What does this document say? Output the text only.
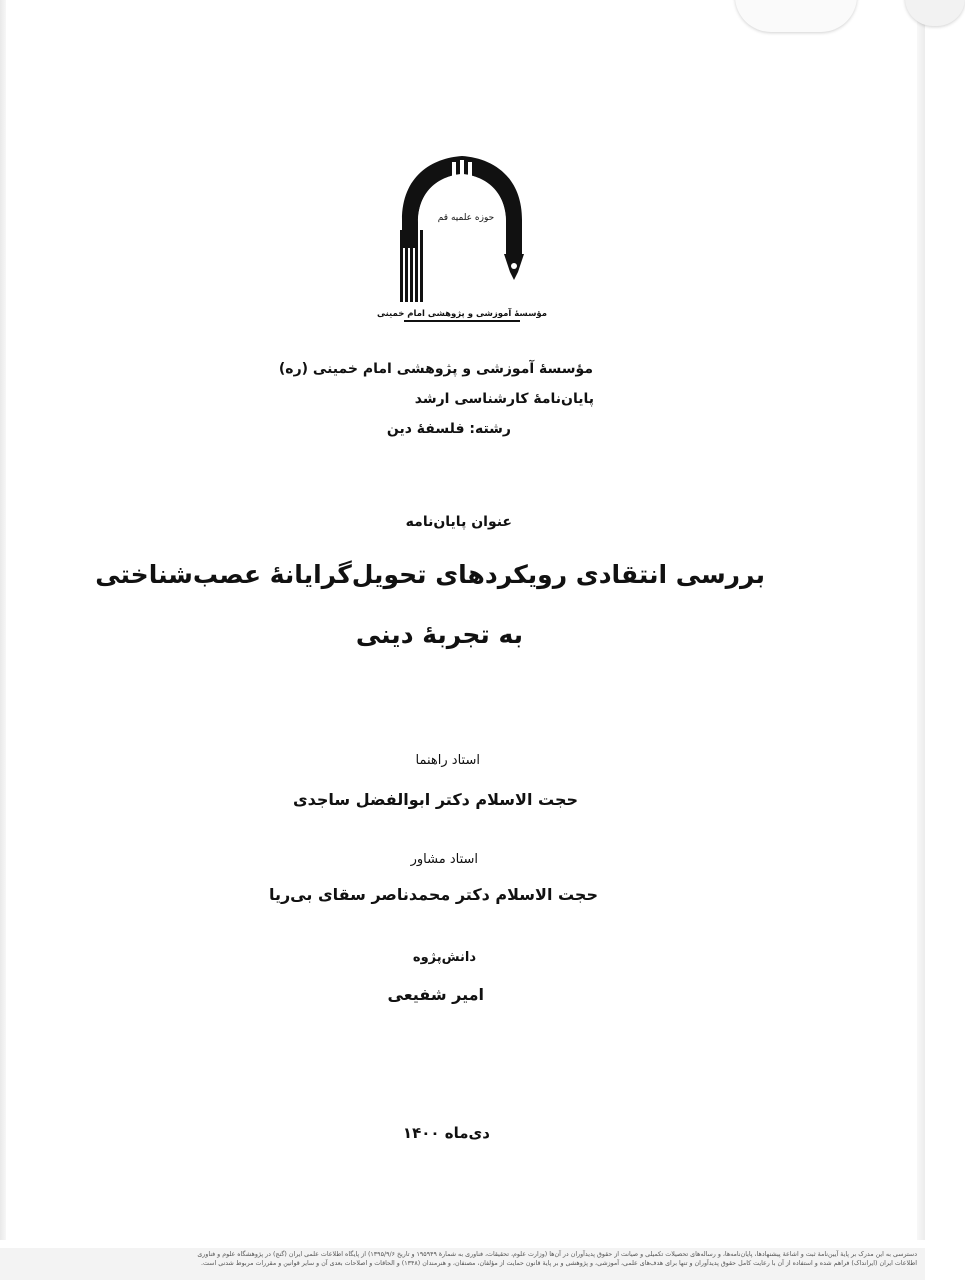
حوزه علمیه قم
مؤسسهٔ آموزشی و پژوهشی امام خمینی
مؤسسهٔ آموزشی و پژوهشی امام خمینی (ره)
پایان‌نامهٔ کارشناسی ارشد
رشته: فلسفهٔ دین
عنوان پایان‌نامه
بررسی انتقادی رویکردهای تحویل‌گرایانهٔ عصب‌شناختی
به تجربهٔ دینی
استاد راهنما
حجت الاسلام دکتر ابوالفضل ساجدی
استاد مشاور
حجت الاسلام دکتر محمدناصر سقای بی‌ریا
دانش‌پژوه
امیر شفیعی
دی‌ماه ۱۴۰۰
دسترسی به این مدرک بر پایهٔ آیین‌نامهٔ ثبت و اشاعهٔ پیشنهادها، پایان‌نامه‌ها، و رساله‌های تحصیلات تکمیلی و صیانت از حقوق پدیدآوران در آن‌ها (وزارت علوم، تحقیقات، فناوری به شمارهٔ ۱۹۵۹۴۹ و تاریخ ۱۳۹۵/۹/۶) از پایگاه اطلاعات علمی ایران (گنج) در پژوهشگاه علوم و فناوری
اطلاعات ایران (ایرانداک) فراهم شده و استفاده از آن با رعایت کامل حقوق پدیدآوران و تنها برای هدف‌های علمی، آموزشی، و پژوهشی و بر پایهٔ قانون حمایت از مؤلفان، مصنفان، و هنرمندان (۱۳۴۸) و الحاقات و اصلاحات بعدی آن و سایر قوانین و مقررات مربوط شدنی است.
